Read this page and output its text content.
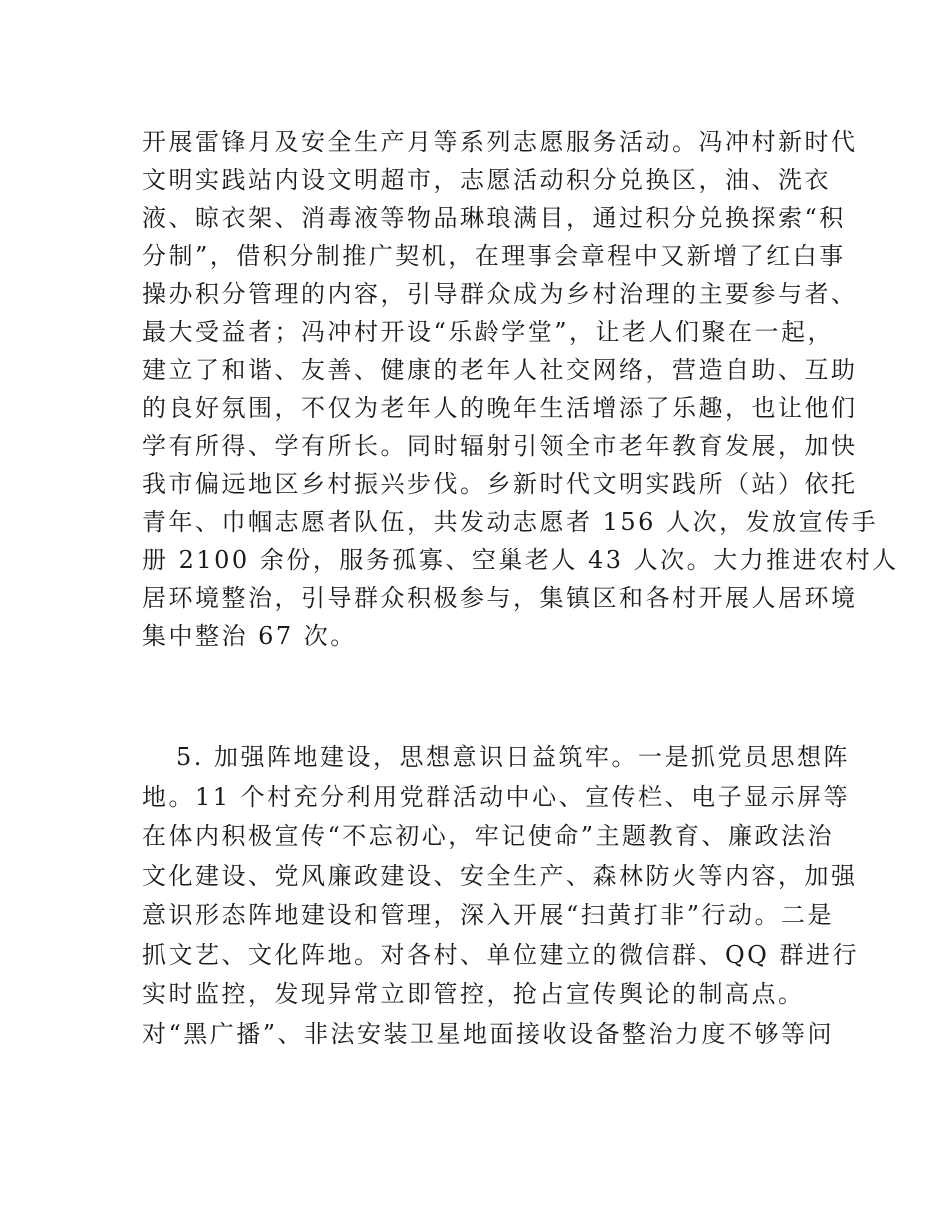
开展雷锋月及安全生产月等系列志愿服务活动。冯冲村新时代
文明实践站内设文明超市，志愿活动积分兑换区，油、洗衣
液、晾衣架、消毒液等物品琳琅满目，通过积分兑换探索“积
分制”，借积分制推广契机，在理事会章程中又新增了红白事
操办积分管理的内容，引导群众成为乡村治理的主要参与者、
最大受益者；冯冲村开设“乐龄学堂”，让老人们聚在一起，
建立了和谐、友善、健康的老年人社交网络，营造自助、互助
的良好氛围，不仅为老年人的晚年生活增添了乐趣，也让他们
学有所得、学有所长。同时辐射引领全市老年教育发展，加快
我市偏远地区乡村振兴步伐。乡新时代文明实践所（站）依托
青年、巾帼志愿者队伍，共发动志愿者 156 人次，发放宣传手
册 2100 余份，服务孤寡、空巢老人 43 人次。大力推进农村人
居环境整治，引导群众积极参与，集镇区和各村开展人居环境
集中整治 67 次。
5. 加强阵地建设，思想意识日益筑牢。一是抓党员思想阵
地。11 个村充分利用党群活动中心、宣传栏、电子显示屏等
在体内积极宣传“不忘初心，牢记使命”主题教育、廉政法治
文化建设、党风廉政建设、安全生产、森林防火等内容，加强
意识形态阵地建设和管理，深入开展“扫黄打非”行动。二是
抓文艺、文化阵地。对各村、单位建立的微信群、QQ 群进行
实时监控，发现异常立即管控，抢占宣传舆论的制高点。
对“黑广播”、非法安装卫星地面接收设备整治力度不够等问
